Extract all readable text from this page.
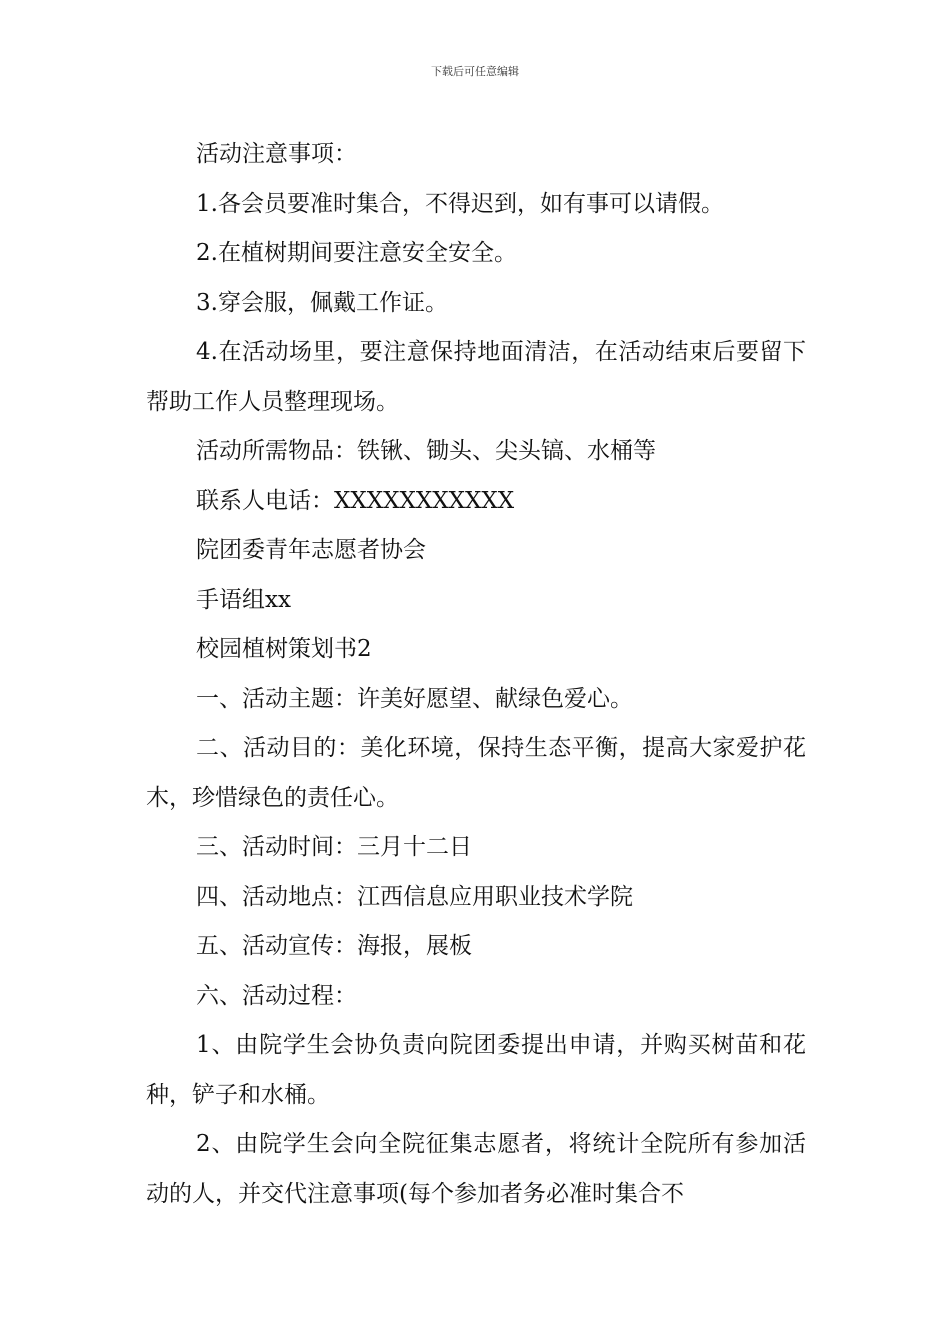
下载后可任意编辑

活动注意事项：

1.各会员要准时集合，不得迟到，如有事可以请假。

2.在植树期间要注意安全安全。

3.穿会服，佩戴工作证。

4.在活动场里，要注意保持地面清洁，在活动结束后要留下帮助工作人员整理现场。

活动所需物品：铁锹、锄头、尖头镐、水桶等

联系人电话：XXXXXXXXXXX

院团委青年志愿者协会

手语组xx

校园植树策划书2

一、活动主题：许美好愿望、献绿色爱心。

二、活动目的：美化环境，保持生态平衡，提高大家爱护花木，珍惜绿色的责任心。

三、活动时间：三月十二日

四、活动地点：江西信息应用职业技术学院

五、活动宣传：海报，展板

六、活动过程：

1、由院学生会协负责向院团委提出申请，并购买树苗和花种，铲子和水桶。

2、由院学生会向全院征集志愿者，将统计全院所有参加活动的人，并交代注意事项(每个参加者务必准时集合不
